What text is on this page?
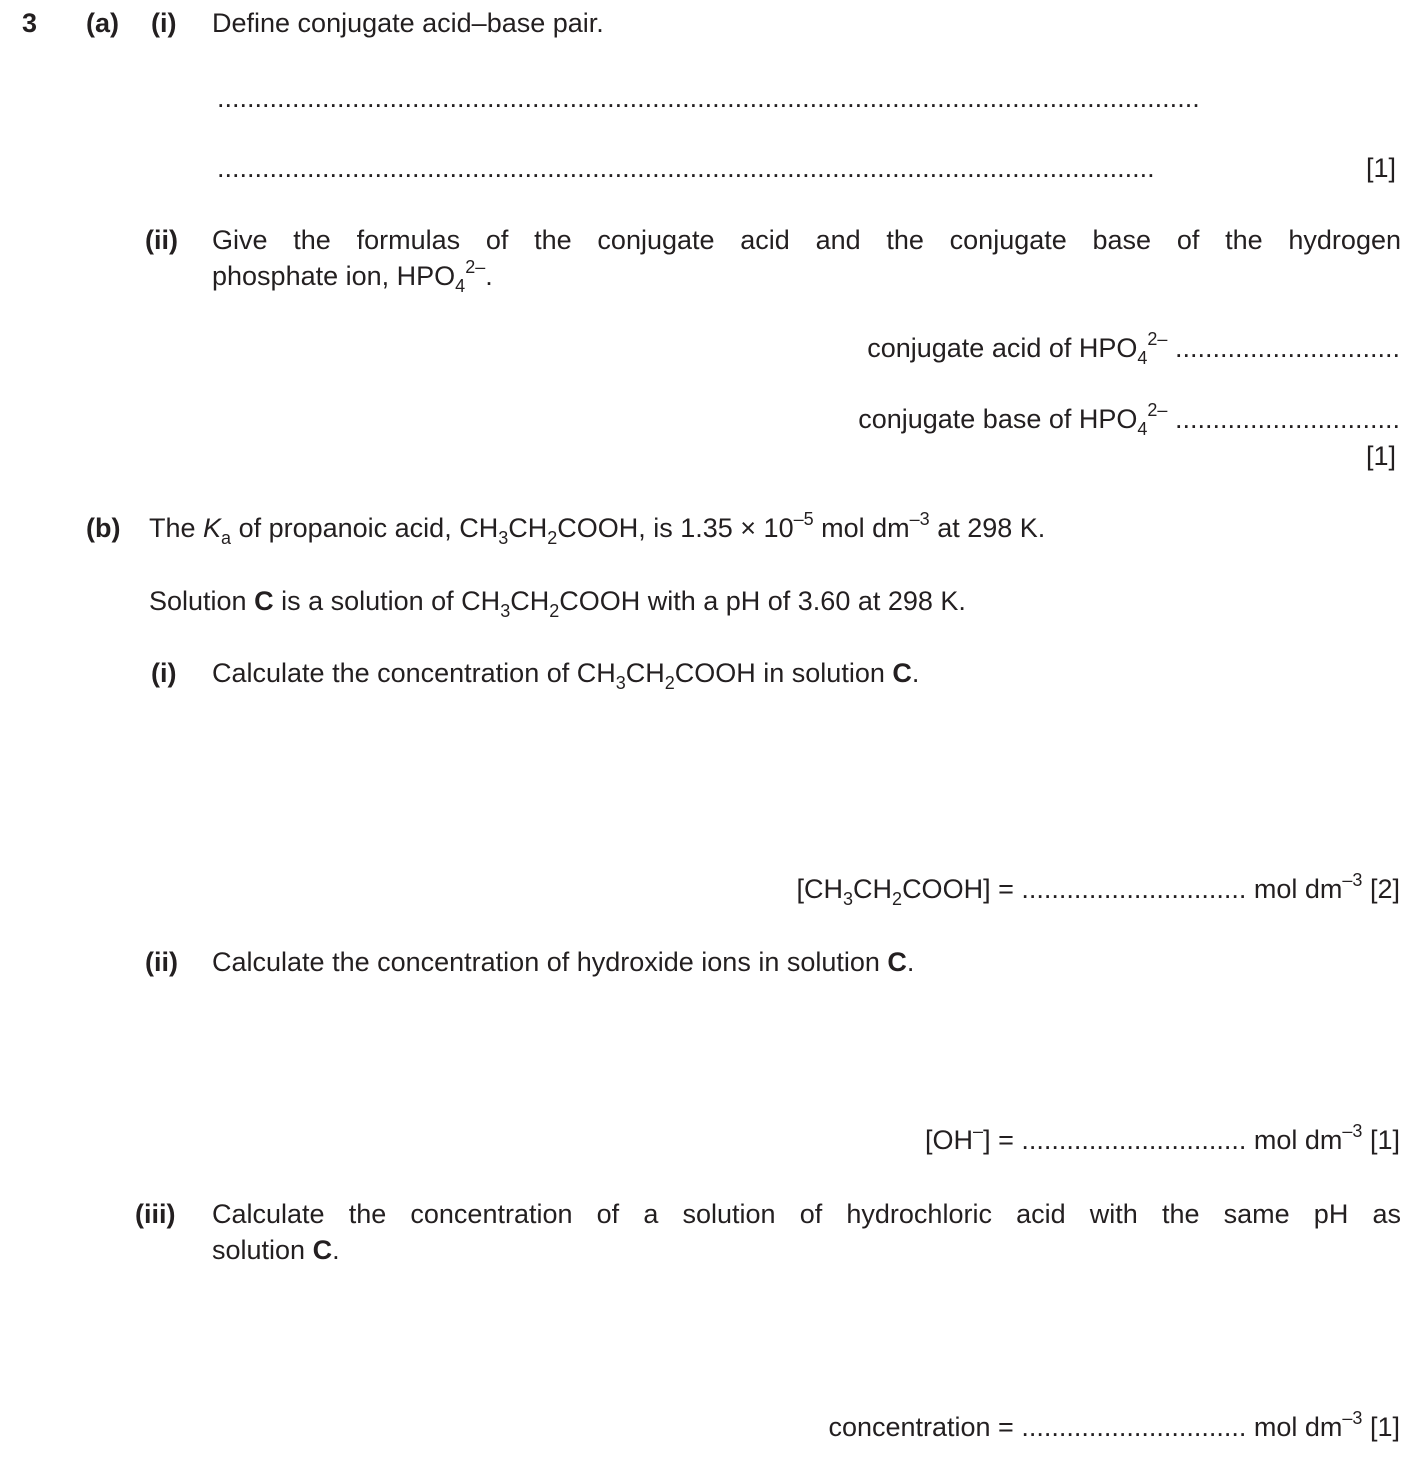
3 (a) (i) Define conjugate acid–base pair.
...................................................................................................................................
.............................................................................................................................	[1]
(ii) Give the formulas of the conjugate acid and the conjugate base of the hydrogen
phosphate ion, $HPO_4^{2-}$.
conjugate acid of $HPO_4^{2-}$ ..............................
conjugate base of $HPO_4^{2-}$ ..............................
[1]
(b) The $K_a$ of propanoic acid, $CH_3CH_2COOH$, is $1.35 \times 10^{-5}$ mol $dm^{-3}$ at 298 K.
Solution C is a solution of $CH_3CH_2COOH$ with a pH of 3.60 at 298 K.
(i) Calculate the concentration of $CH_3CH_2COOH$ in solution C.
$[CH_3CH_2COOH]$ = .............................. mol $dm^{-3}$ [2]
(ii) Calculate the concentration of hydroxide ions in solution C.
[OH–] = .............................. mol $dm^{-3}$ [1]
(iii) Calculate the concentration of a solution of hydrochloric acid with the same pH as
solution C.
concentration = .............................. mol $dm^{-3}$ [1]
